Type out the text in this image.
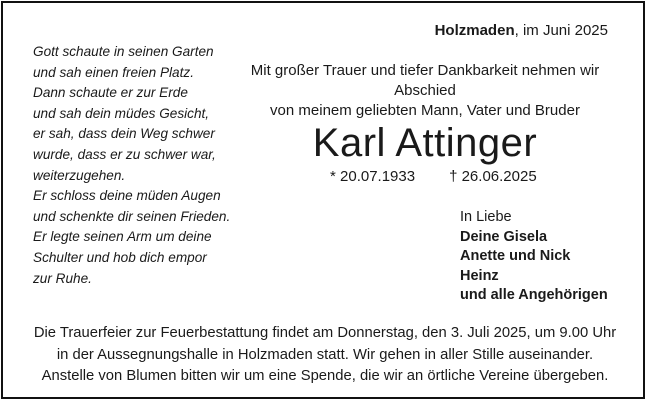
Holzmaden, im Juni 2025
Gott schaute in seinen Garten
und sah einen freien Platz.
Dann schaute er zur Erde
und sah dein müdes Gesicht,
er sah, dass dein Weg schwer
wurde, dass er zu schwer war,
weiterzugehen.
Er schloss deine müden Augen
und schenkte dir seinen Frieden.
Er legte seinen Arm um deine
Schulter und hob dich empor
zur Ruhe.
Mit großer Trauer und tiefer Dankbarkeit nehmen wir Abschied
von meinem geliebten Mann, Vater und Bruder
Karl Attinger
* 20.07.1933 † 26.06.2025
In Liebe
Deine Gisela
Anette und Nick
Heinz
und alle Angehörigen
Die Trauerfeier zur Feuerbestattung findet am Donnerstag, den 3. Juli 2025, um 9.00 Uhr
in der Aussegnungshalle in Holzmaden statt. Wir gehen in aller Stille auseinander.
Anstelle von Blumen bitten wir um eine Spende, die wir an örtliche Vereine übergeben.
